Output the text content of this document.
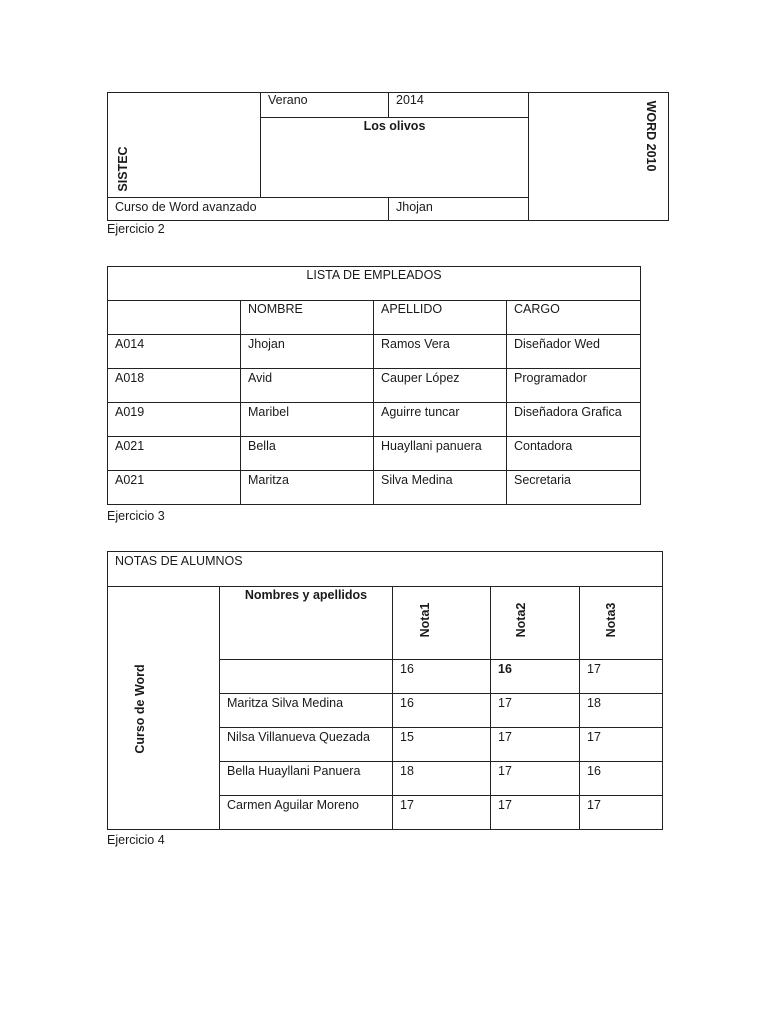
SISTEC	Verano	2014	WORD 2010

	Los olivos		

Curso de Word avanzado		Jhojan	
Ejercicio 2
LISTA DE EMPLEADOS			
	NOMBRE	APELLIDO	CARGO
A014	Jhojan	Ramos Vera	Diseñador Wed
A018	Avid	Cauper López	Programador
A019	Maribel	Aguirre tuncar	Diseñadora Grafica
A021	Bella	Huayllani panuera	Contadora
A021	Maritza	Silva Medina	Secretaria
Ejercicio 3
NOTAS DE ALUMNOS				

Curso de Word	Nombres y apellidos	Nota1	Nota2	Nota3

		16	16	17
	Maritza Silva Medina	16	17	18
	Nilsa Villanueva Quezada	15	17	17
	Bella Huayllani Panuera	18	17	16
	Carmen Aguilar Moreno	17	17	17
Ejercicio 4
